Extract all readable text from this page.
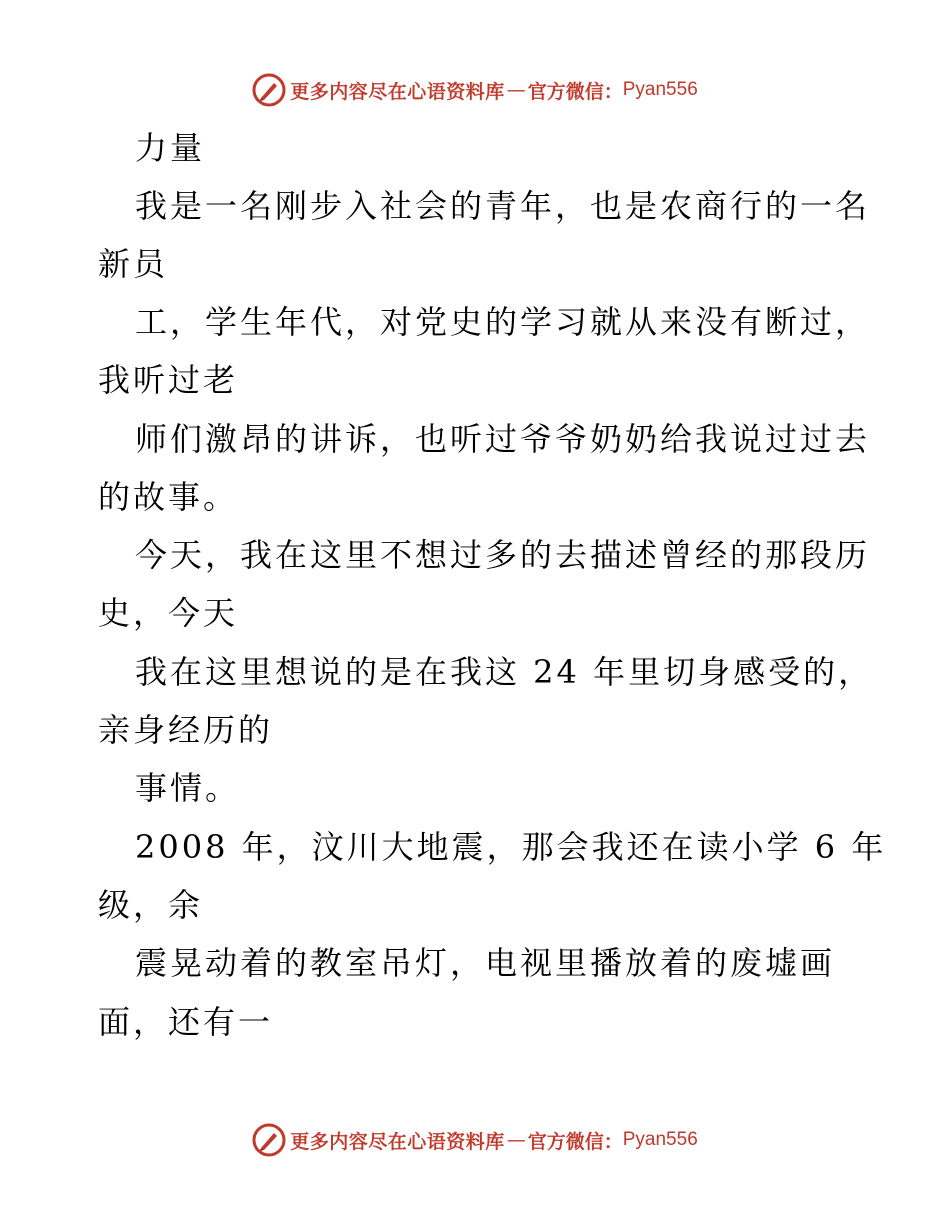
更多内容尽在心语资料库 — 官方微信： Pyan556
力量
我是一名刚步入社会的青年，也是农商行的一名
新员
工，学生年代，对党史的学习就从来没有断过，
我听过老
师们激昂的讲诉，也听过爷爷奶奶给我说过过去
的故事。
今天，我在这里不想过多的去描述曾经的那段历
史，今天
我在这里想说的是在我这 24 年里切身感受的，
亲身经历的
事情。
2008 年，汶川大地震，那会我还在读小学 6 年
级，余
震晃动着的教室吊灯，电视里播放着的废墟画
面，还有一
更多内容尽在心语资料库 — 官方微信： Pyan556
